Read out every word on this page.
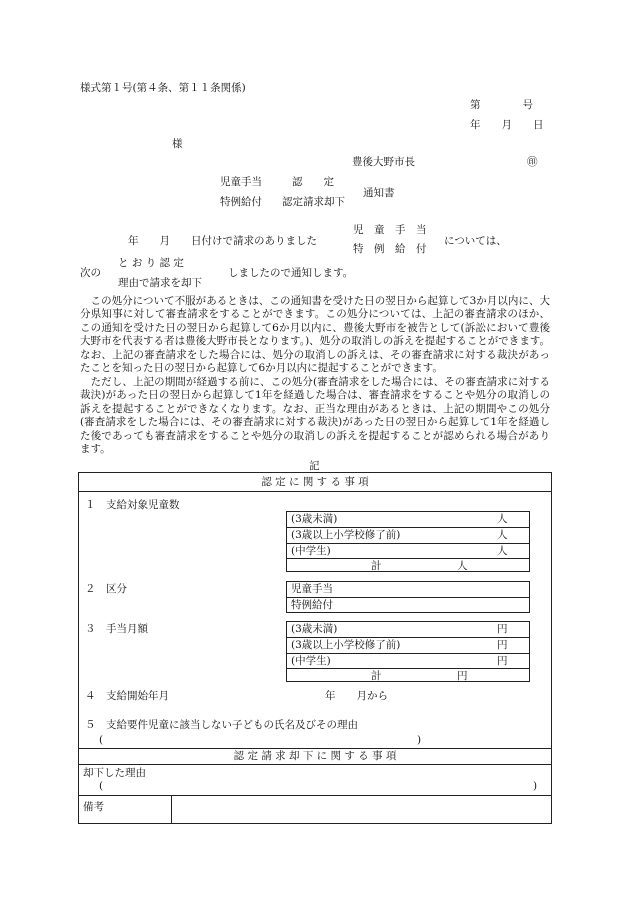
様式第１号(第４条、第１１条関係)
第　　　　号
年　　月　　日
様
豊後大野市長	㊞
児童手当	認　　定
特例給付 認定請求却下
通知書
年　　月　　日付けで請求のありました
児　童　手　当
特　例　給　付
については、
次の
と お り 認 定
理由で請求を却下
しましたので通知します。
　この処分について不服があるときは、この通知書を受けた日の翌日から起算して3か月以内に、大分県知事に対して審査請求をすることができます。この処分については、上記の審査請求のほか、この通知を受けた日の翌日から起算して6か月以内に、豊後大野市を被告として(訴訟において豊後大野市を代表する者は豊後大野市長となります。)、処分の取消しの訴えを提起することができます。なお、上記の審査請求をした場合には、処分の取消しの訴えは、その審査請求に対する裁決があったことを知った日の翌日から起算して6か月以内に提起することができます。
　ただし、上記の期間が経過する前に、この処分(審査請求をした場合には、その審査請求に対する裁決)があった日の翌日から起算して1年を経過した場合は、審査請求をすることや処分の取消しの訴えを提起することができなくなります。なお、正当な理由があるときは、上記の期間やこの処分(審査請求をした場合には、その審査請求に対する裁決)があった日の翌日から起算して1年を経過した後であっても審査請求をすることや処分の取消しの訴えを提起することが認められる場合があります。
記
認 定 に 関 す る 事 項
１　支給対象児童数
(3歳未満)	人
(3歳以上小学校修了前)	人
(中学生)	人
計	人
２　区分	児童手当
特例給付
３　手当月額	(3歳未満)	円
(3歳以上小学校修了前)	円
(中学生)	円
計	円
４　支給開始年月	年　　月から
５　支給要件児童に該当しない子どもの氏名及びその理由
(	)
認 定 請 求 却 下 に 関 す る 事 項
却下した理由
(	)
備考
